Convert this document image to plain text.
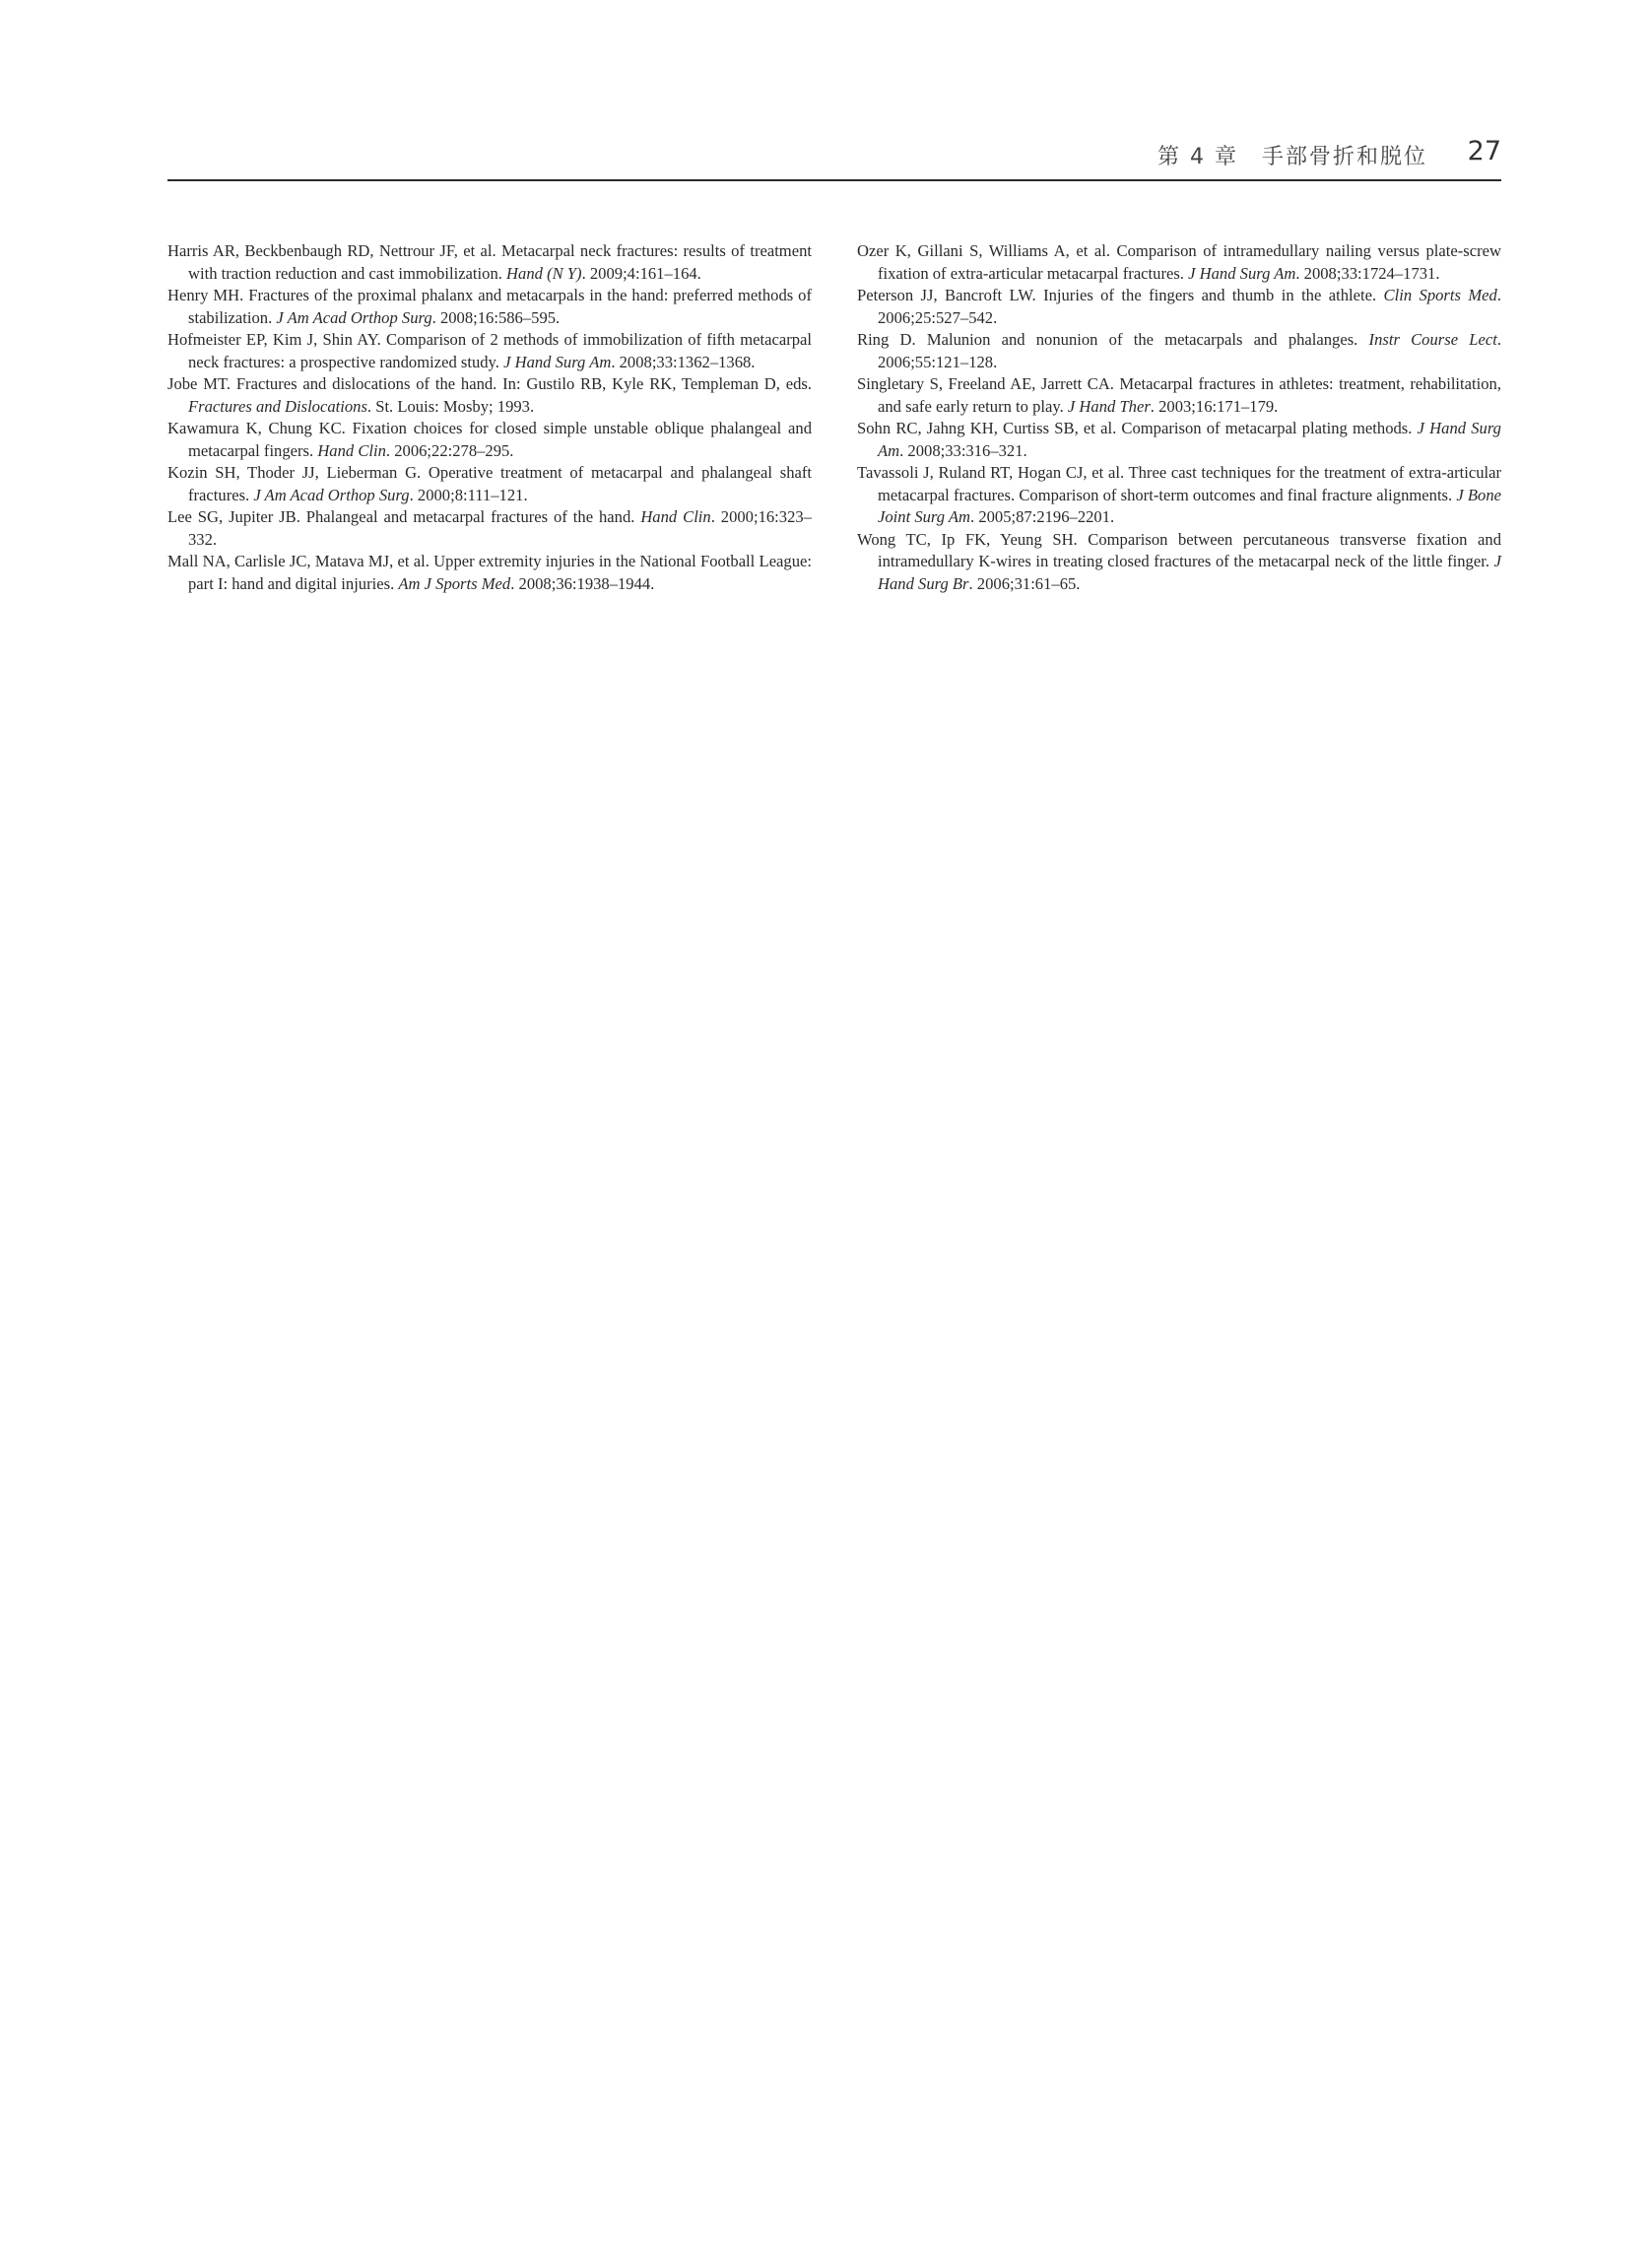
第 4 章　手部骨折和脱位 27

Harris AR, Beckbenbaugh RD, Nettrour JF, et al. Metacarpal neck fractures: results of treatment with traction reduction and cast immobilization. Hand (N Y). 2009;4:161–164.

Henry MH. Fractures of the proximal phalanx and metacarpals in the hand: preferred methods of stabilization. J Am Acad Orthop Surg. 2008;16:586–595.

Hofmeister EP, Kim J, Shin AY. Comparison of 2 methods of immobilization of fifth metacarpal neck fractures: a prospective randomized study. J Hand Surg Am. 2008;33:1362–1368.

Jobe MT. Fractures and dislocations of the hand. In: Gustilo RB, Kyle RK, Templeman D, eds. Fractures and Dislocations. St. Louis: Mosby; 1993.

Kawamura K, Chung KC. Fixation choices for closed simple unstable oblique phalangeal and metacarpal fingers. Hand Clin. 2006;22:278–295.

Kozin SH, Thoder JJ, Lieberman G. Operative treatment of metacarpal and phalangeal shaft fractures. J Am Acad Orthop Surg. 2000;8:111–121.

Lee SG, Jupiter JB. Phalangeal and metacarpal fractures of the hand. Hand Clin. 2000;16:323–332.

Mall NA, Carlisle JC, Matava MJ, et al. Upper extremity injuries in the National Football League: part I: hand and digital injuries. Am J Sports Med. 2008;36:1938–1944.

Ozer K, Gillani S, Williams A, et al. Comparison of intramedullary nailing versus plate-screw fixation of extra-articular metacarpal fractures. J Hand Surg Am. 2008;33:1724–1731.

Peterson JJ, Bancroft LW. Injuries of the fingers and thumb in the athlete. Clin Sports Med. 2006;25:527–542.

Ring D. Malunion and nonunion of the metacarpals and phalanges. Instr Course Lect. 2006;55:121–128.

Singletary S, Freeland AE, Jarrett CA. Metacarpal fractures in athletes: treatment, rehabilitation, and safe early return to play. J Hand Ther. 2003;16:171–179.

Sohn RC, Jahng KH, Curtiss SB, et al. Comparison of metacarpal plating methods. J Hand Surg Am. 2008;33:316–321.

Tavassoli J, Ruland RT, Hogan CJ, et al. Three cast techniques for the treatment of extra-articular metacarpal fractures. Comparison of short-term outcomes and final fracture alignments. J Bone Joint Surg Am. 2005;87:2196–2201.

Wong TC, Ip FK, Yeung SH. Comparison between percutaneous transverse fixation and intramedullary K-wires in treating closed fractures of the metacarpal neck of the little finger. J Hand Surg Br. 2006;31:61–65.
